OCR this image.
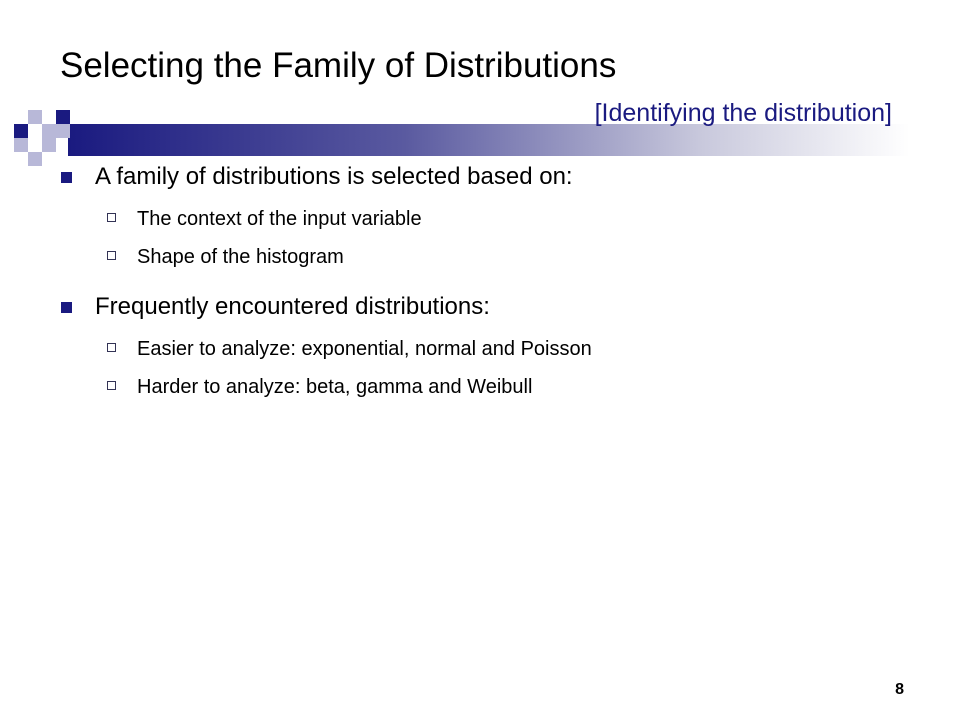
Selecting the Family of Distributions
[Identifying the distribution]
A family of distributions is selected based on:
The context of the input variable
Shape of the histogram
Frequently encountered distributions:
Easier to analyze: exponential, normal and Poisson
Harder to analyze: beta, gamma and Weibull
8
